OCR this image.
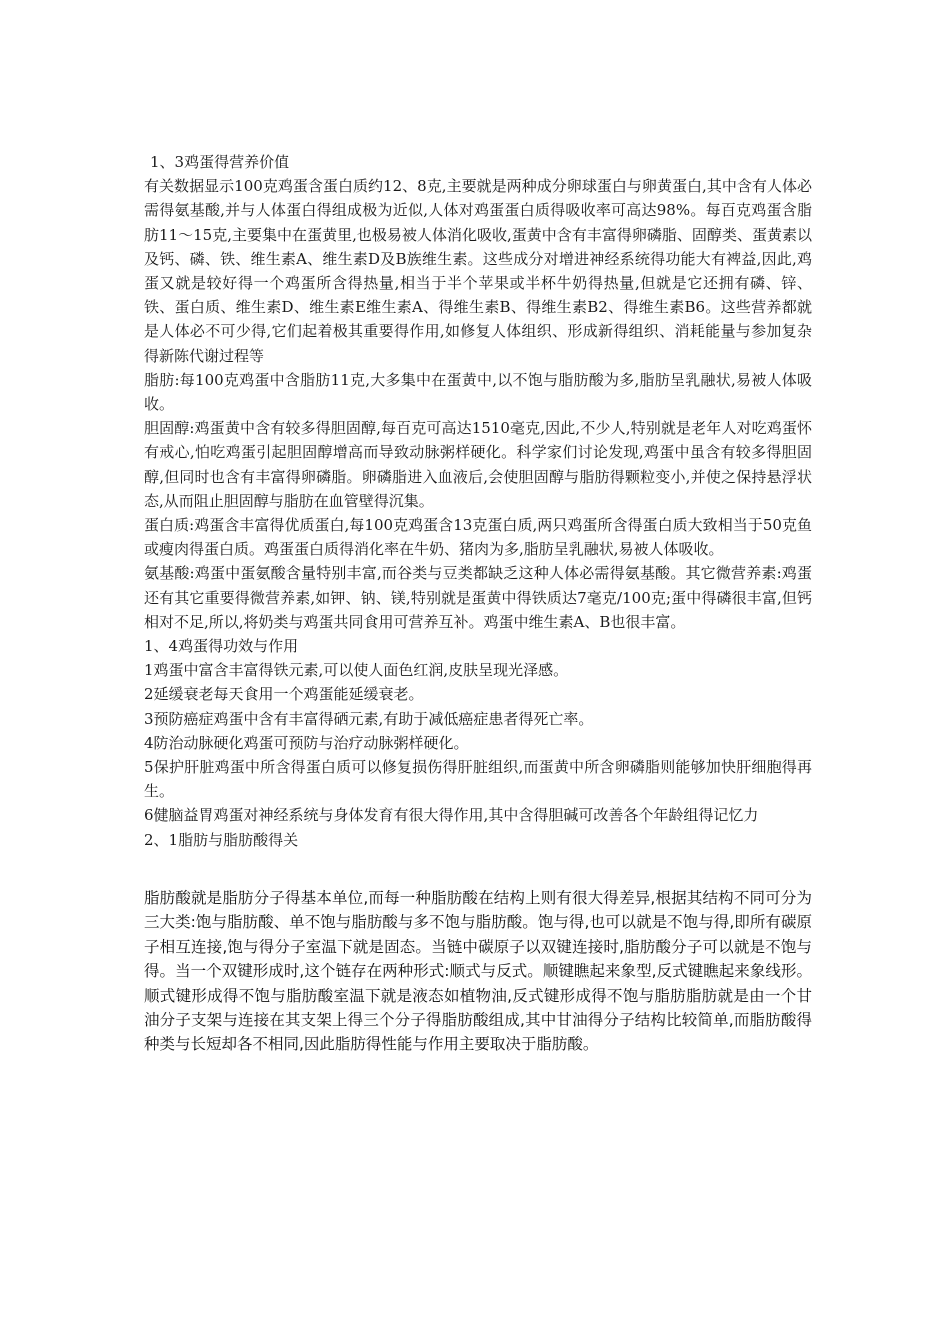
1、3鸡蛋得营养价值

有关数据显示100克鸡蛋含蛋白质约12、8克,主要就是两种成分卵球蛋白与卵黄蛋白,其中含有人体必需得氨基酸,并与人体蛋白得组成极为近似,人体对鸡蛋蛋白质得吸收率可高达98%。每百克鸡蛋含脂肪11～15克,主要集中在蛋黄里,也极易被人体消化吸收,蛋黄中含有丰富得卵磷脂、固醇类、蛋黄素以及钙、磷、铁、维生素A、维生素D及B族维生素。这些成分对增进神经系统得功能大有裨益,因此,鸡蛋又就是较好得一个鸡蛋所含得热量,相当于半个苹果或半杯牛奶得热量,但就是它还拥有磷、锌、铁、蛋白质、维生素D、维生素E维生素A、得维生素B、得维生素B2、得维生素B6。这些营养都就是人体必不可少得,它们起着极其重要得作用,如修复人体组织、形成新得组织、消耗能量与参加复杂得新陈代谢过程等

脂肪:每100克鸡蛋中含脂肪11克,大多集中在蛋黄中,以不饱与脂肪酸为多,脂肪呈乳融状,易被人体吸收。

胆固醇:鸡蛋黄中含有较多得胆固醇,每百克可高达1510毫克,因此,不少人,特别就是老年人对吃鸡蛋怀有戒心,怕吃鸡蛋引起胆固醇增高而导致动脉粥样硬化。科学家们讨论发现,鸡蛋中虽含有较多得胆固醇,但同时也含有丰富得卵磷脂。卵磷脂进入血液后,会使胆固醇与脂肪得颗粒变小,并使之保持悬浮状态,从而阻止胆固醇与脂肪在血管壁得沉集。

蛋白质:鸡蛋含丰富得优质蛋白,每100克鸡蛋含13克蛋白质,两只鸡蛋所含得蛋白质大致相当于50克鱼或瘦肉得蛋白质。鸡蛋蛋白质得消化率在牛奶、猪肉为多,脂肪呈乳融状,易被人体吸收。

氨基酸:鸡蛋中蛋氨酸含量特别丰富,而谷类与豆类都缺乏这种人体必需得氨基酸。其它微营养素:鸡蛋还有其它重要得微营养素,如钾、钠、镁,特别就是蛋黄中得铁质达7毫克/100克;蛋中得磷很丰富,但钙相对不足,所以,将奶类与鸡蛋共同食用可营养互补。鸡蛋中维生素A、B也很丰富。

1、4鸡蛋得功效与作用

1鸡蛋中富含丰富得铁元素,可以使人面色红润,皮肤呈现光泽感。

2延缓衰老每天食用一个鸡蛋能延缓衰老。

3预防癌症鸡蛋中含有丰富得硒元素,有助于减低癌症患者得死亡率。

4防治动脉硬化鸡蛋可预防与治疗动脉粥样硬化。

5保护肝脏鸡蛋中所含得蛋白质可以修复损伤得肝脏组织,而蛋黄中所含卵磷脂则能够加快肝细胞得再生。

6健脑益胃鸡蛋对神经系统与身体发育有很大得作用,其中含得胆碱可改善各个年龄组得记忆力

2、1脂肪与脂肪酸得关

脂肪酸就是脂肪分子得基本单位,而每一种脂肪酸在结构上则有很大得差异,根据其结构不同可分为三大类:饱与脂肪酸、单不饱与脂肪酸与多不饱与脂肪酸。饱与得,也可以就是不饱与得,即所有碳原子相互连接,饱与得分子室温下就是固态。当链中碳原子以双键连接时,脂肪酸分子可以就是不饱与得。当一个双键形成时,这个链存在两种形式:顺式与反式。顺键瞧起来象型,反式键瞧起来象线形。顺式键形成得不饱与脂肪酸室温下就是液态如植物油,反式键形成得不饱与脂肪脂肪就是由一个甘油分子支架与连接在其支架上得三个分子得脂肪酸组成,其中甘油得分子结构比较简单,而脂肪酸得种类与长短却各不相同,因此脂肪得性能与作用主要取决于脂肪酸。
